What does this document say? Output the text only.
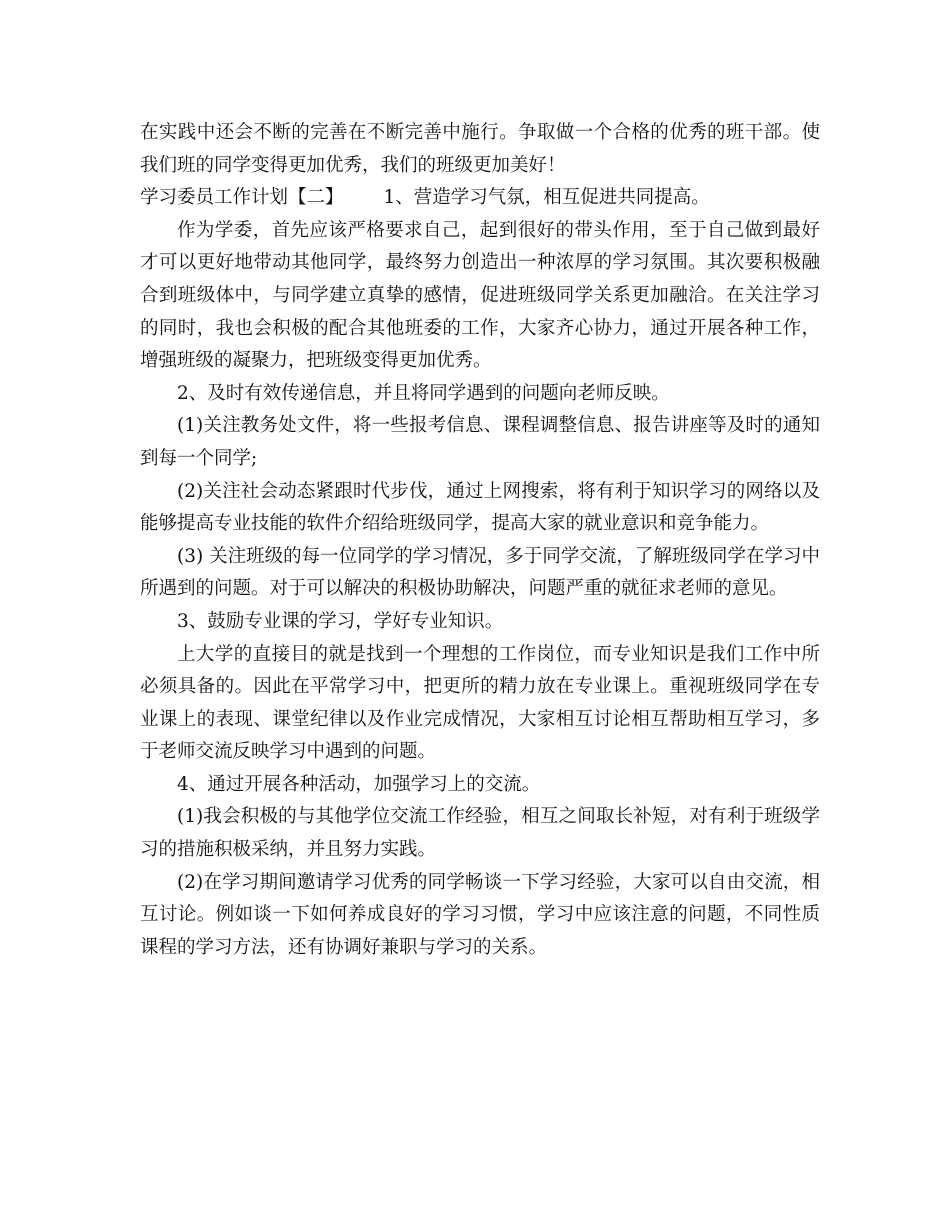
在实践中还会不断的完善在不断完善中施行。争取做一个合格的优秀的班干部。使我们班的同学变得更加优秀，我们的班级更加美好！

学习委员工作计划【二】 1、营造学习气氛，相互促进共同提高。

作为学委，首先应该严格要求自己，起到很好的带头作用，至于自己做到最好才可以更好地带动其他同学，最终努力创造出一种浓厚的学习氛围。其次要积极融合到班级体中，与同学建立真挚的感情，促进班级同学关系更加融洽。在关注学习的同时，我也会积极的配合其他班委的工作，大家齐心协力，通过开展各种工作，增强班级的凝聚力，把班级变得更加优秀。

2、及时有效传递信息，并且将同学遇到的问题向老师反映。

(1)关注教务处文件，将一些报考信息、课程调整信息、报告讲座等及时的通知到每一个同学;

(2)关注社会动态紧跟时代步伐，通过上网搜索，将有利于知识学习的网络以及能够提高专业技能的软件介绍给班级同学，提高大家的就业意识和竞争能力。

(3) 关注班级的每一位同学的学习情况，多于同学交流，了解班级同学在学习中所遇到的问题。对于可以解决的积极协助解决，问题严重的就征求老师的意见。

3、鼓励专业课的学习，学好专业知识。

上大学的直接目的就是找到一个理想的工作岗位，而专业知识是我们工作中所必须具备的。因此在平常学习中，把更所的精力放在专业课上。重视班级同学在专业课上的表现、课堂纪律以及作业完成情况，大家相互讨论相互帮助相互学习，多于老师交流反映学习中遇到的问题。

4、通过开展各种活动，加强学习上的交流。

(1)我会积极的与其他学位交流工作经验，相互之间取长补短，对有利于班级学习的措施积极采纳，并且努力实践。

(2)在学习期间邀请学习优秀的同学畅谈一下学习经验，大家可以自由交流，相互讨论。例如谈一下如何养成良好的学习习惯，学习中应该注意的问题，不同性质课程的学习方法，还有协调好兼职与学习的关系。
